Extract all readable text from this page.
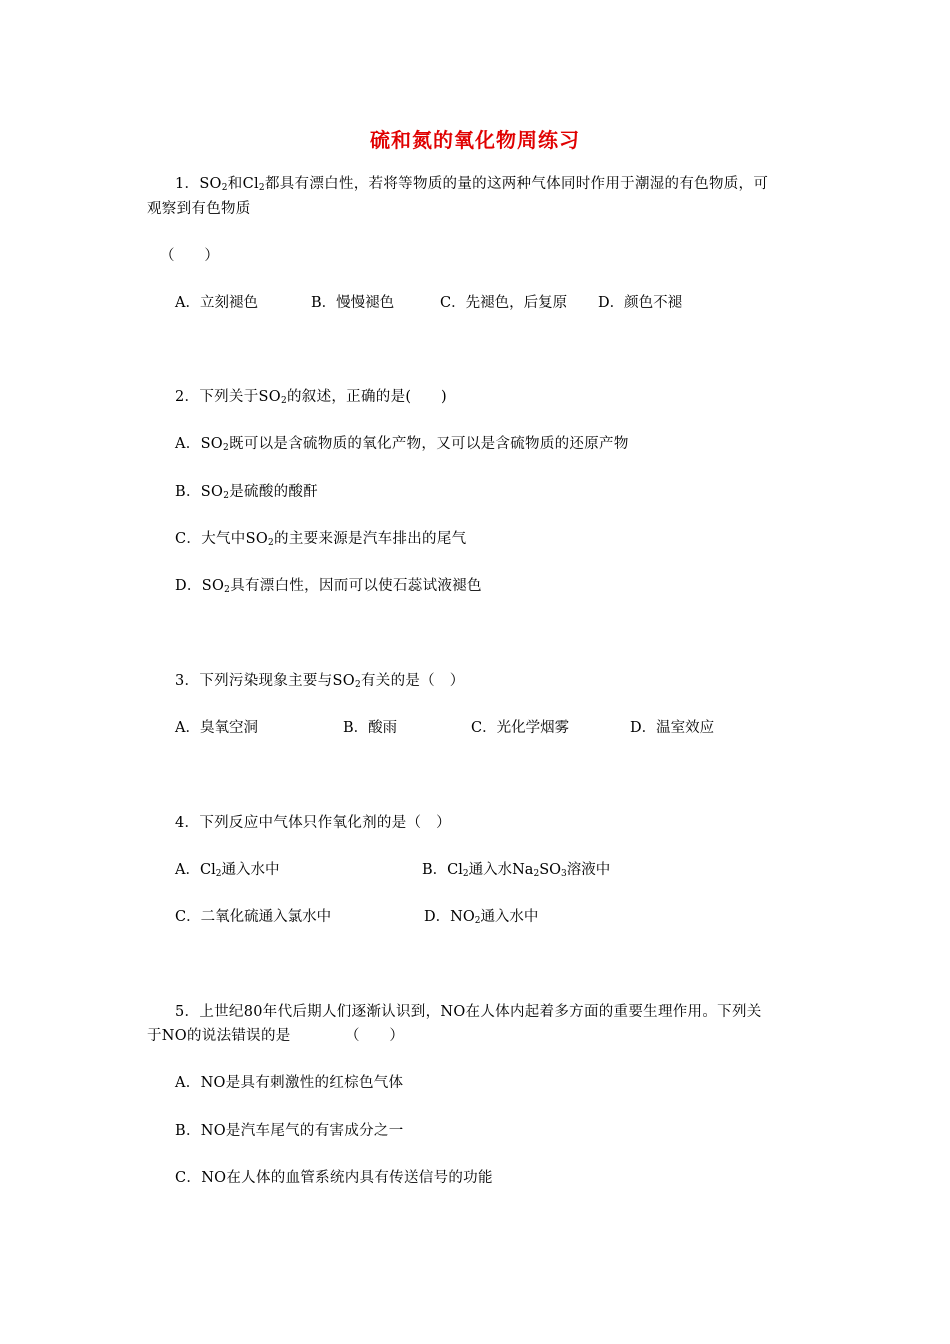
硫和氮的氧化物周练习
1．$SO_2$和$Cl_2$都具有漂白性，若将等物质的量的这两种气体同时作用于潮湿的有色物质，可
观察到有色物质
（　　）
A．立刻褪色	B．慢慢褪色	C．先褪色，后复原 D．颜色不褪
2．下列关于$SO_2$的叙述，正确的是(　　)
A．$SO_2$既可以是含硫物质的氧化产物，又可以是含硫物质的还原产物
B．$SO_2$是硫酸的酸酐
C．大气中$SO_2$的主要来源是汽车排出的尾气
D．$SO_2$具有漂白性，因而可以使石蕊试液褪色
3．下列污染现象主要与$SO_2$有关的是（　）
A．臭氧空洞	B．酸雨	C．光化学烟雾	D．温室效应
4．下列反应中气体只作氧化剂的是（　）
A．$Cl_2$通入水中	B．$Cl_2$通入水$Na_2SO_3$溶液中
C．二氧化硫通入氯水中	D．$NO_2$通入水中
5．上世纪80年代后期人们逐渐认识到，NO在人体内起着多方面的重要生理作用。下列关
于NO的说法错误的是	（　　）
A．NO是具有刺激性的红棕色气体
B．NO是汽车尾气的有害成分之一
C．NO在人体的血管系统内具有传送信号的功能
